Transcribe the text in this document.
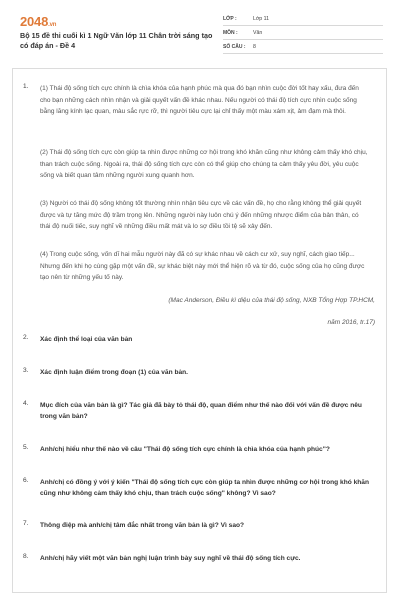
2048.vn
Bộ 15 đề thi cuối kì 1 Ngữ Văn lớp 11 Chân trời sáng tạo có đáp án - Đề 4
LỚP :	Lớp 11
MÔN :	Văn
SỐ CÂU :	8
1. (1) Thái độ sống tích cực chính là chìa khóa của hạnh phúc mà qua đó bạn nhìn cuộc đời tốt hay xấu, đưa đến cho bạn những cách nhìn nhận và giải quyết vấn đề khác nhau. Nếu người có thái độ tích cực nhìn cuộc sống bằng lăng kính lạc quan, màu sắc rực rỡ, thì người tiêu cực lại chỉ thấy một màu xám xịt, ảm đạm mà thôi.
(2) Thái độ sống tích cực còn giúp ta nhìn được những cơ hội trong khó khăn cũng như không cảm thấy khó chịu, than trách cuộc sống. Ngoài ra, thái độ sống tích cực còn có thể giúp cho chúng ta cảm thấy yêu đời, yêu cuộc sống và biết quan tâm những người xung quanh hơn.
(3) Người có thái độ sống không tốt thường nhìn nhận tiêu cực về các vấn đề, họ cho rằng không thể giải quyết được và tự tăng mức độ trầm trọng lên. Những người này luôn chú ý đến những nhược điểm của bản thân, có thái độ nuối tiếc, suy nghĩ về những điều mất mát và lo sợ điều tồi tệ sẽ xảy đến.
(4) Trong cuộc sống, vốn dĩ hai mẫu người này đã có sự khác nhau về cách cư xử, suy nghĩ, cách giao tiếp... Nhưng đến khi họ cùng gặp một vấn đề, sự khác biệt này mới thể hiện rõ và từ đó, cuộc sống của họ cũng được tạo nên từ những yếu tố này.
(Mac Anderson, Điều kì diệu của thái độ sống, NXB Tổng Hợp TP.HCM,
năm 2016, tr.17)
2. Xác định thể loại của văn bản
3. Xác định luận điểm trong đoạn (1) của văn bản.
4. Mục đích của văn bản là gì? Tác giả đã bày tỏ thái độ, quan điểm như thế nào đối với vấn đề được nêu trong văn bản?
5. Anh/chị hiểu như thế nào về câu "Thái độ sống tích cực chính là chìa khóa của hạnh phúc"?
6. Anh/chị có đồng ý với ý kiến "Thái độ sống tích cực còn giúp ta nhìn được những cơ hội trong khó khăn cũng như không cảm thấy khó chịu, than trách cuộc sống" không? Vì sao?
7. Thông điệp mà anh/chị tâm đắc nhất trong văn bản là gì? Vì sao?
8. Anh/chị hãy viết một văn bản nghị luận trình bày suy nghĩ về thái độ sống tích cực.
